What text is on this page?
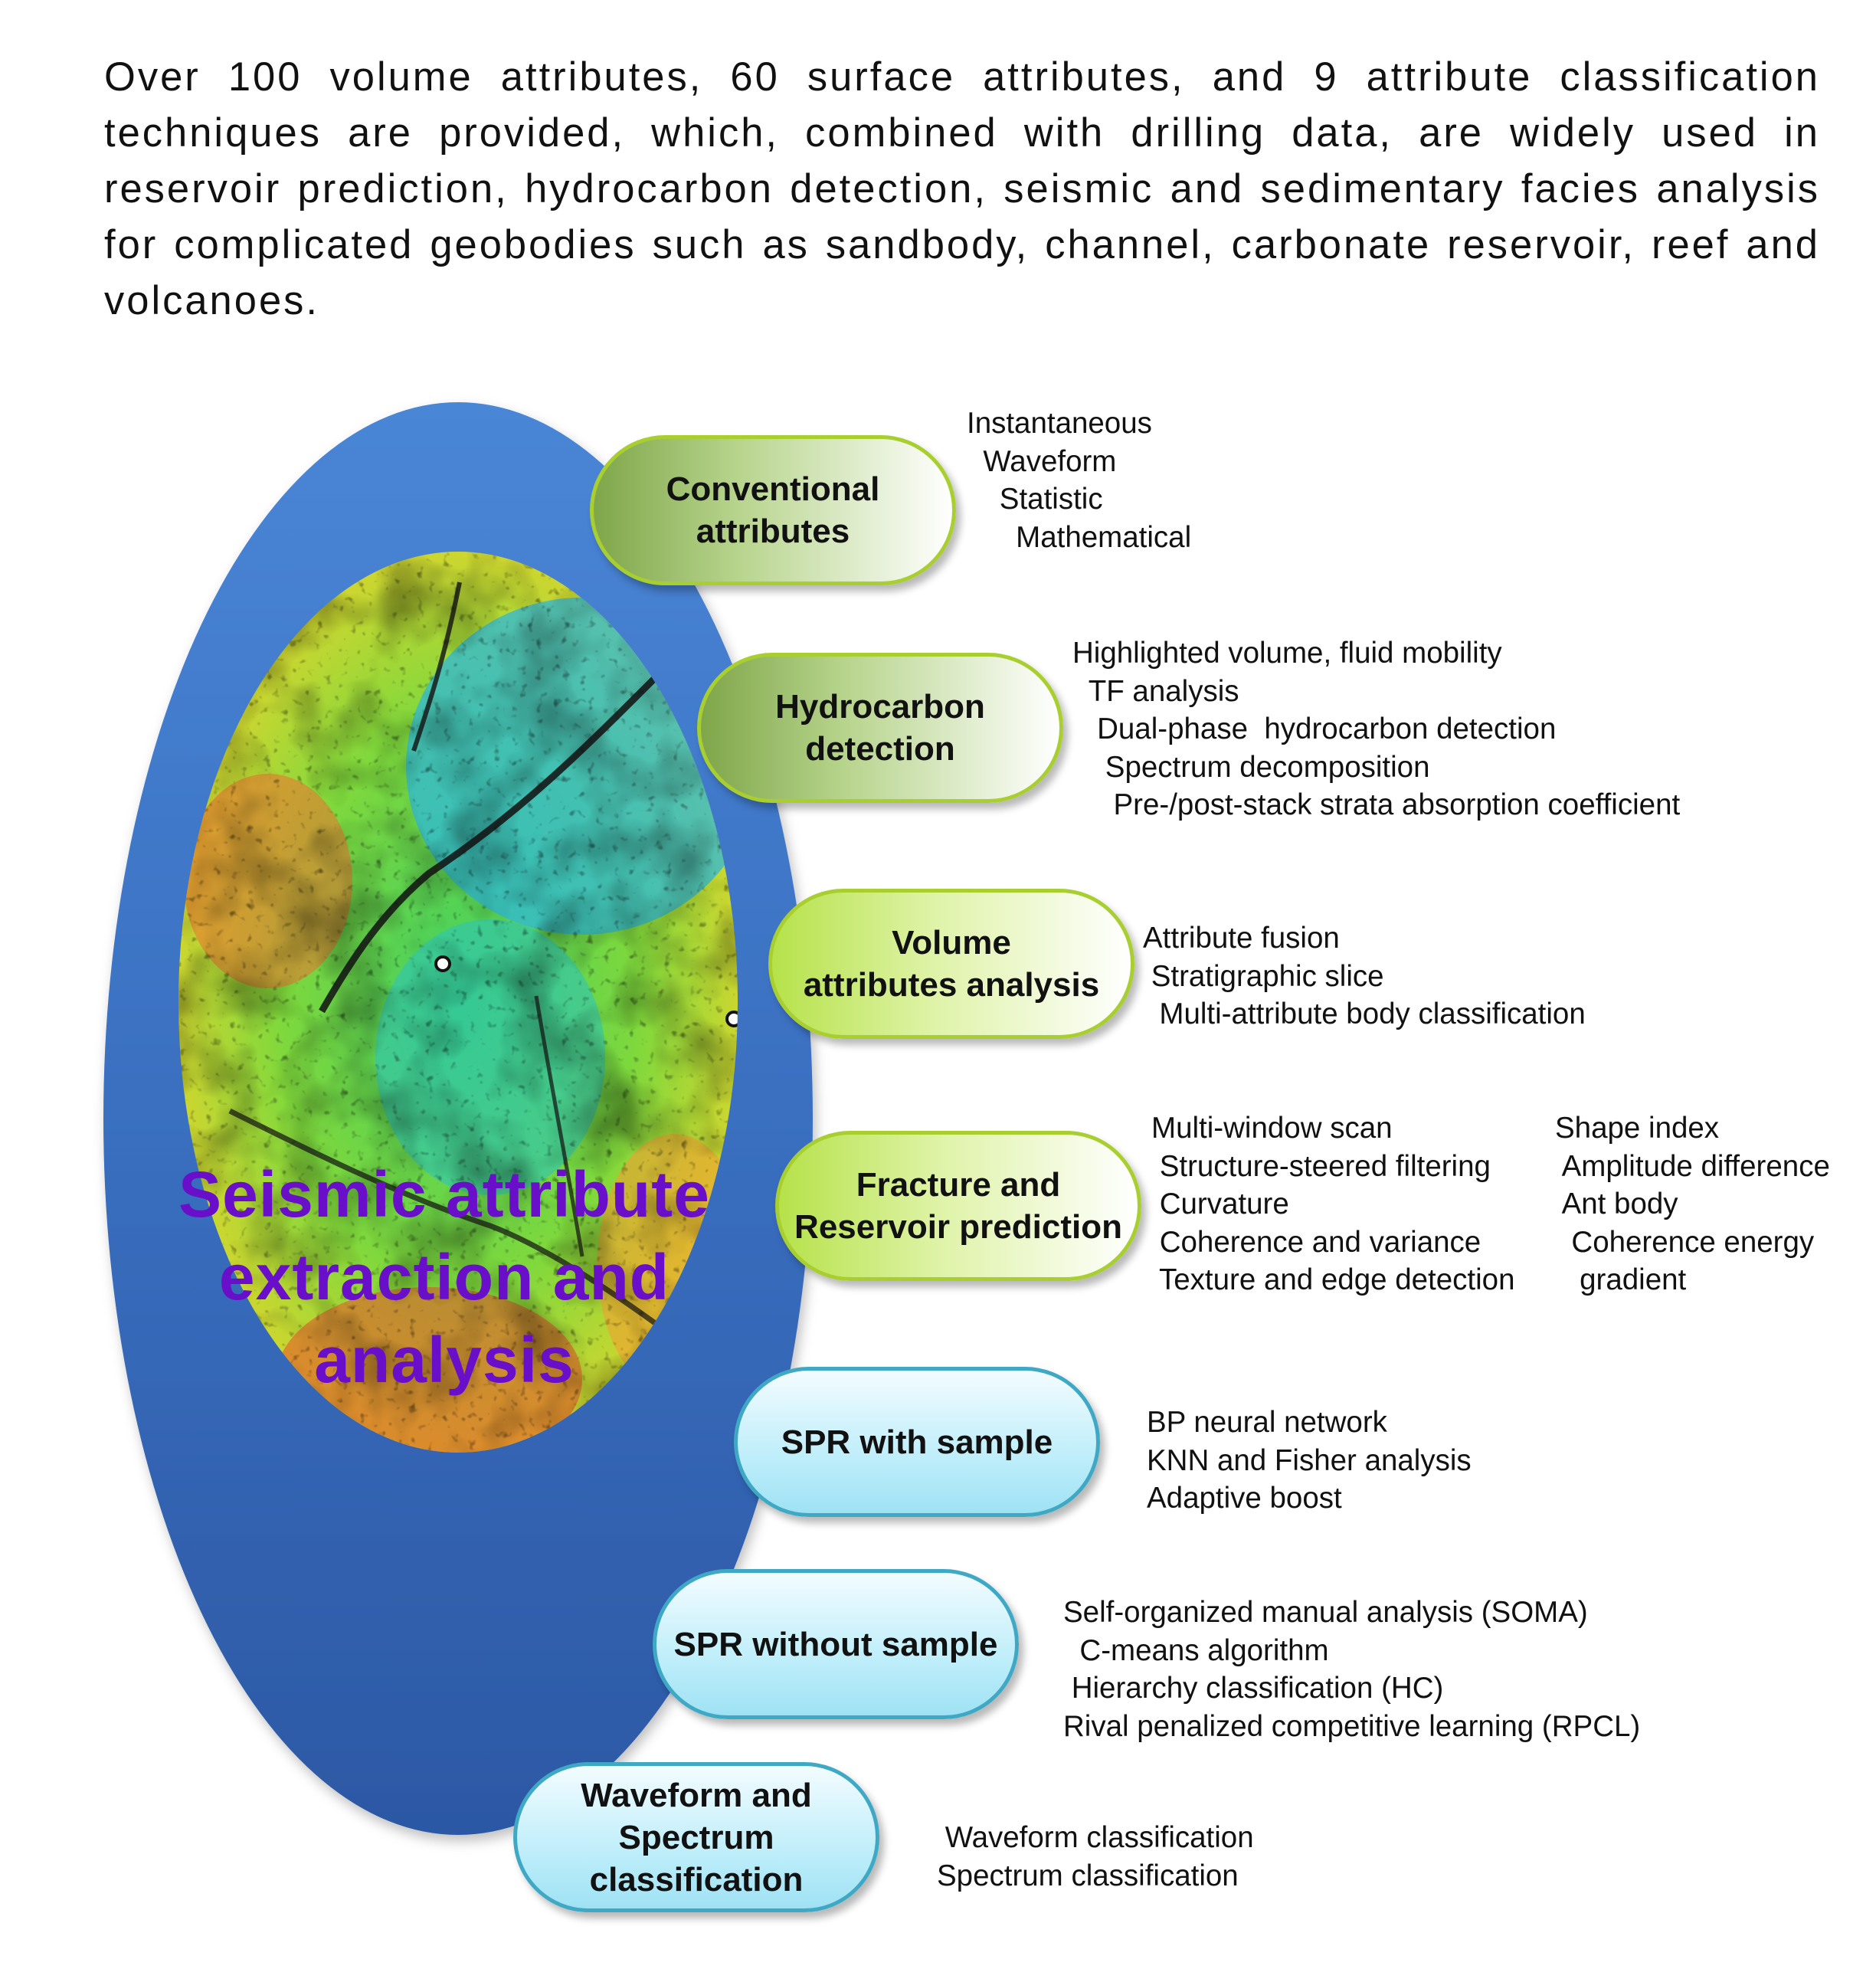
Over 100 volume attributes, 60 surface attributes, and 9 attribute classification techniques are provided, which, combined with drilling data, are widely used in reservoir prediction, hydrocarbon detection, seismic and sedimentary facies analysis for complicated geobodies such as sandbody, channel, carbonate reservoir, reef and volcanoes.
Seismic attribute
extraction and
analysis
Conventional
attributes
Instantaneous
Waveform
Statistic
Mathematical
Hydrocarbon
detection
Highlighted volume, fluid mobility
TF analysis
Dual-phase  hydrocarbon detection
Spectrum decomposition
Pre-/post-stack strata absorption coefficient
Volume
attributes analysis
Attribute fusion
Stratigraphic slice
Multi-attribute body classification
Fracture and
Reservoir prediction
Multi-window scan
Structure-steered filtering
Curvature
Coherence and variance
Texture and edge detection
Shape index
Amplitude difference
Ant body
Coherence energy
gradient
SPR with sample
BP neural network
KNN and Fisher analysis
Adaptive boost
SPR without sample
Self-organized manual analysis (SOMA)
C-means algorithm
Hierarchy classification (HC)
Rival penalized competitive learning (RPCL)
Waveform and
Spectrum
classification
Waveform classification
Spectrum classification
